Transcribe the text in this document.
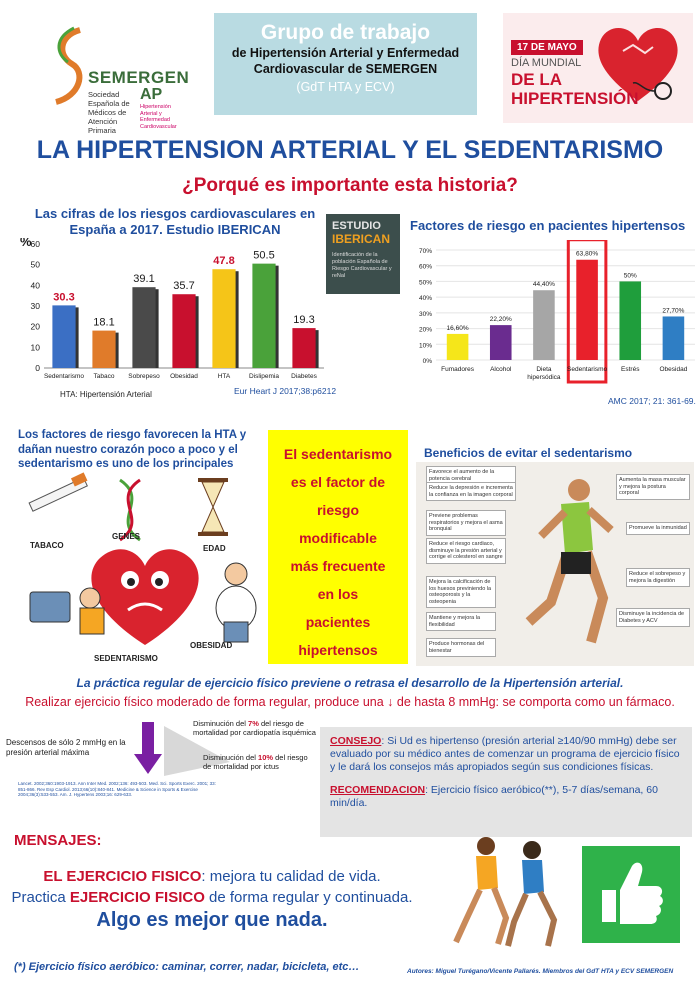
SEMERGEN
Sociedad Española de Médicos de Atención Primaria
AP
Hipertensión Arterial y Enfermedad Cardiovascular
Grupo de trabajo
de Hipertensión Arterial y Enfermedad
Cardiovascular de SEMERGEN
(GdT HTA y ECV)
17 DE MAYO
DÍA MUNDIAL
DE LA
HIPERTENSIÓN
LA HIPERTENSION ARTERIAL Y EL SEDENTARISMO
¿Porqué es importante esta historia?
Las cifras de los riesgos cardiovasculares en España a 2017. Estudio IBERICAN
%
0
10
20
30
40
50
60
30.3
Sedentarismo
18.1
Tabaco
39.1
Sobrepeso
35.7
Obesidad
47.8
HTA
50.5
Dislipemia
19.3
Diabetes
HTA: Hipertensión Arterial	Eur Heart J 2017;38:p6212
ESTUDIO
IBERICAN
Identificación de la población Española de Riesgo Cardiovascular y reNal
Factores de riesgo en pacientes hipertensos
0%
10%
20%
30%
40%
50%
60%
70%
16,60%
Fumadores
22,20%
Alcohol
44,40%
Dieta
hipersódica
63,80%
Sedentarismo
50%
Estrés
27,70%
Obesidad
AMC 2017; 21: 361-69.
Los factores de riesgo favorecen la HTA y dañan nuestro corazón poco a poco y el sedentarismo es uno de los principales
GENES
TABACO	EDAD
OBESIDAD
SEDENTARISMO
El sedentarismo
es el factor de
riesgo
modificable
más frecuente
en los
pacientes
hipertensos
Beneficios de evitar el sedentarismo
Favorece el aumento de la potencia cerebral
Reduce la depresión e incrementa la confianza en la imagen corporal
Previene problemas respiratorios y mejora el asma bronquial
Reduce el riesgo cardiaco, disminuye la presión arterial y corrige el colesterol en sangre
Mejora la calcificación de los huesos previniendo la osteoporosis y la osteopenia
Mantiene y mejora la flexibilidad
Produce hormonas del bienestar
Aumenta la masa muscular y mejora la postura corporal
Promueve la inmunidad
Reduce el sobrepeso y mejora la digestión
Disminuye la incidencia de Diabetes y ACV
La práctica regular de ejercicio físico previene o retrasa el desarrollo de la Hipertensión arterial.
Realizar ejercicio físico moderado de forma regular, produce una ↓ de hasta 8 mmHg: se comporta como un fármaco.
Descensos de sólo 2 mmHg en la presión arterial máxima
Disminución del 7% del riesgo de mortalidad por cardiopatía isquémica
Disminución del 10% del riesgo de mortalidad por ictus
Lancet. 2002;360:1903-1913. Ann Inter Med. 2002;136: 493-503. Med. Sci. Sports Exerc. 2001; 33: 851-866. Rev Esp Cardiol. 2013;66(10):840-841. Medicine & Science in Sports & Exercise 2004;36(3):533-553. Am. J. Hypertens 2003;16: 629-633.

CONSEJO: Si Ud es hipertenso (presión arterial ≥140/90 mmHg) debe ser evaluado por su médico antes de comenzar un programa de ejercicio físico y le dará los consejos más apropiados según sus condiciones físicas.

RECOMENDACION: Ejercicio físico aeróbico(**), 5-7 días/semana, 60 min/día.

MENSAJES:
EL EJERCICIO FISICO: mejora tu calidad de vida.
Practica EJERCICIO FISICO de forma regular y continuada.
Algo es mejor que nada.
(*) Ejercicio físico aeróbico: caminar, correr, nadar, bicicleta, etc…	Autores: Miguel Turégano/Vicente Pallarés. Miembros del GdT HTA y ECV SEMERGEN
